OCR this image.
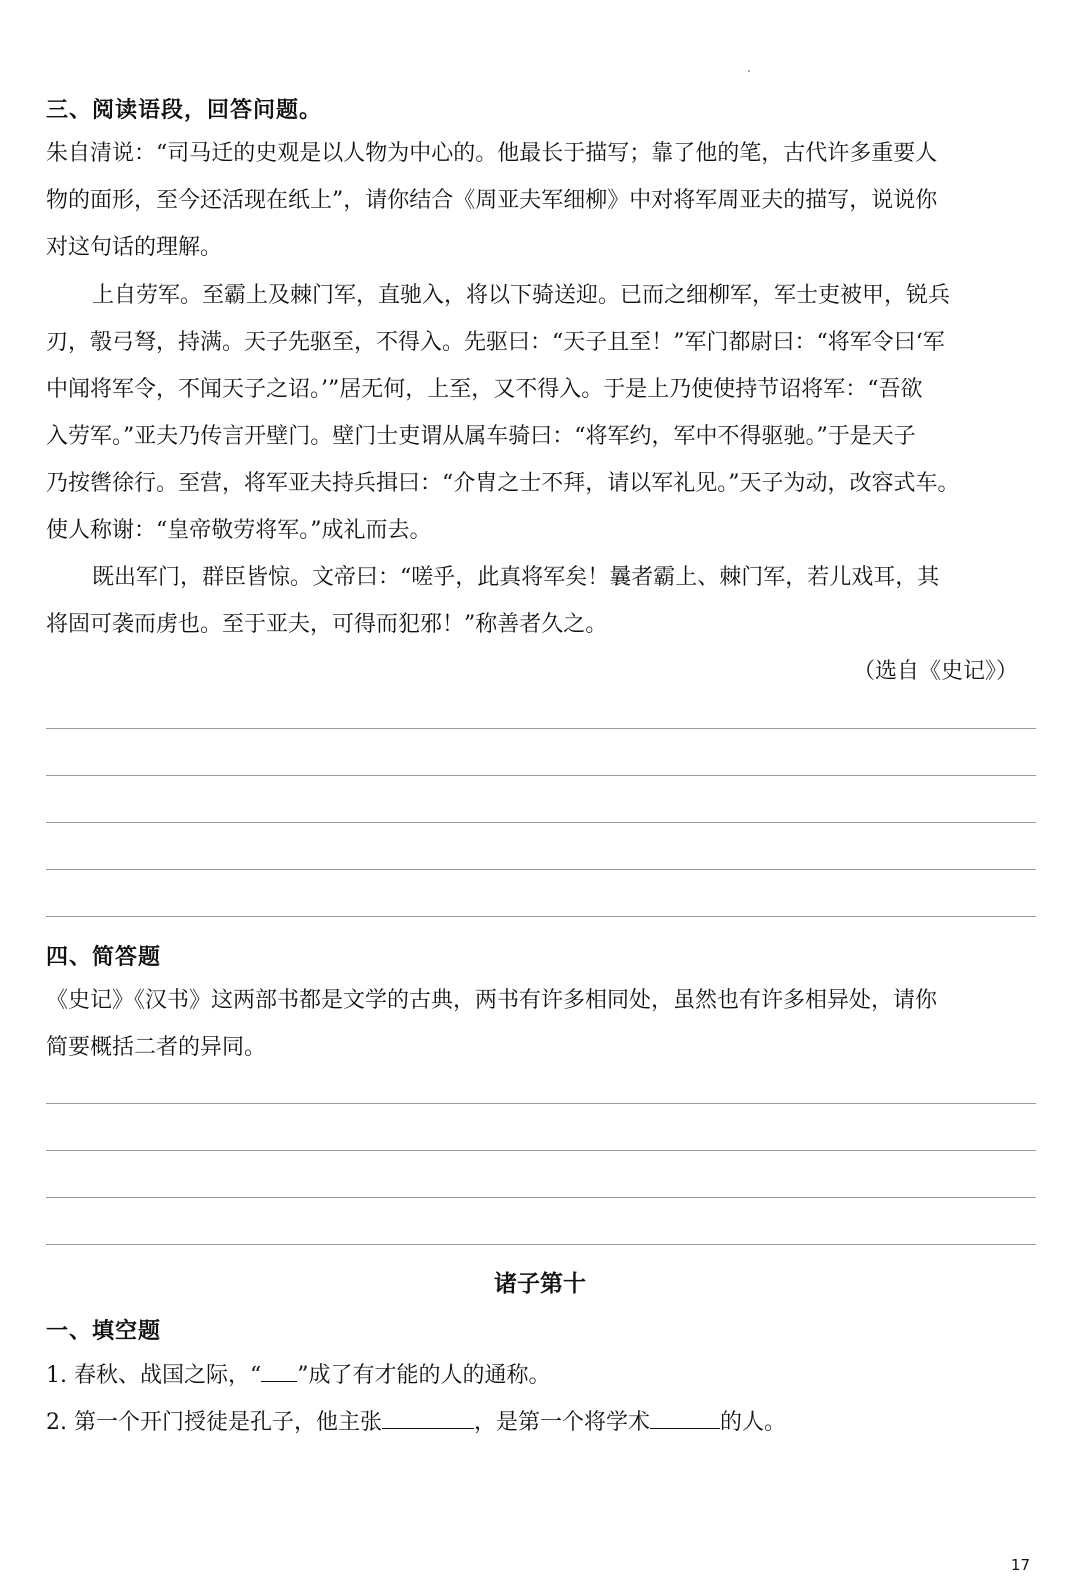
三、阅读语段，回答问题。
朱自清说：“司马迁的史观是以人物为中心的。他最长于描写；靠了他的笔，古代许多重要人
物的面形，至今还活现在纸上”，请你结合《周亚夫军细柳》中对将军周亚夫的描写，说说你
对这句话的理解。
上自劳军。至霸上及棘门军，直驰入，将以下骑送迎。已而之细柳军，军士吏被甲，锐兵
刃，彀弓弩，持满。天子先驱至，不得入。先驱曰：“天子且至！”军门都尉曰：“将军令曰‘军
中闻将军令，不闻天子之诏。’”居无何，上至，又不得入。于是上乃使使持节诏将军：“吾欲
入劳军。”亚夫乃传言开壁门。壁门士吏谓从属车骑曰：“将军约，军中不得驱驰。”于是天子
乃按辔徐行。至营，将军亚夫持兵揖曰：“介胄之士不拜，请以军礼见。”天子为动，改容式车。
使人称谢：“皇帝敬劳将军。”成礼而去。
既出军门，群臣皆惊。文帝曰：“嗟乎，此真将军矣！曩者霸上、棘门军，若儿戏耳，其
将固可袭而虏也。至于亚夫，可得而犯邪！”称善者久之。
（选自《史记》）
四、简答题
《史记》《汉书》这两部书都是文学的古典，两书有许多相同处，虽然也有许多相异处，请你
简要概括二者的异同。
诸子第十
一、填空题
1. 春秋、战国之际，“ ”成了有才能的人的通称。
2. 第一个开门授徒是孔子，他主张	，是第一个将学术	的人。
17
